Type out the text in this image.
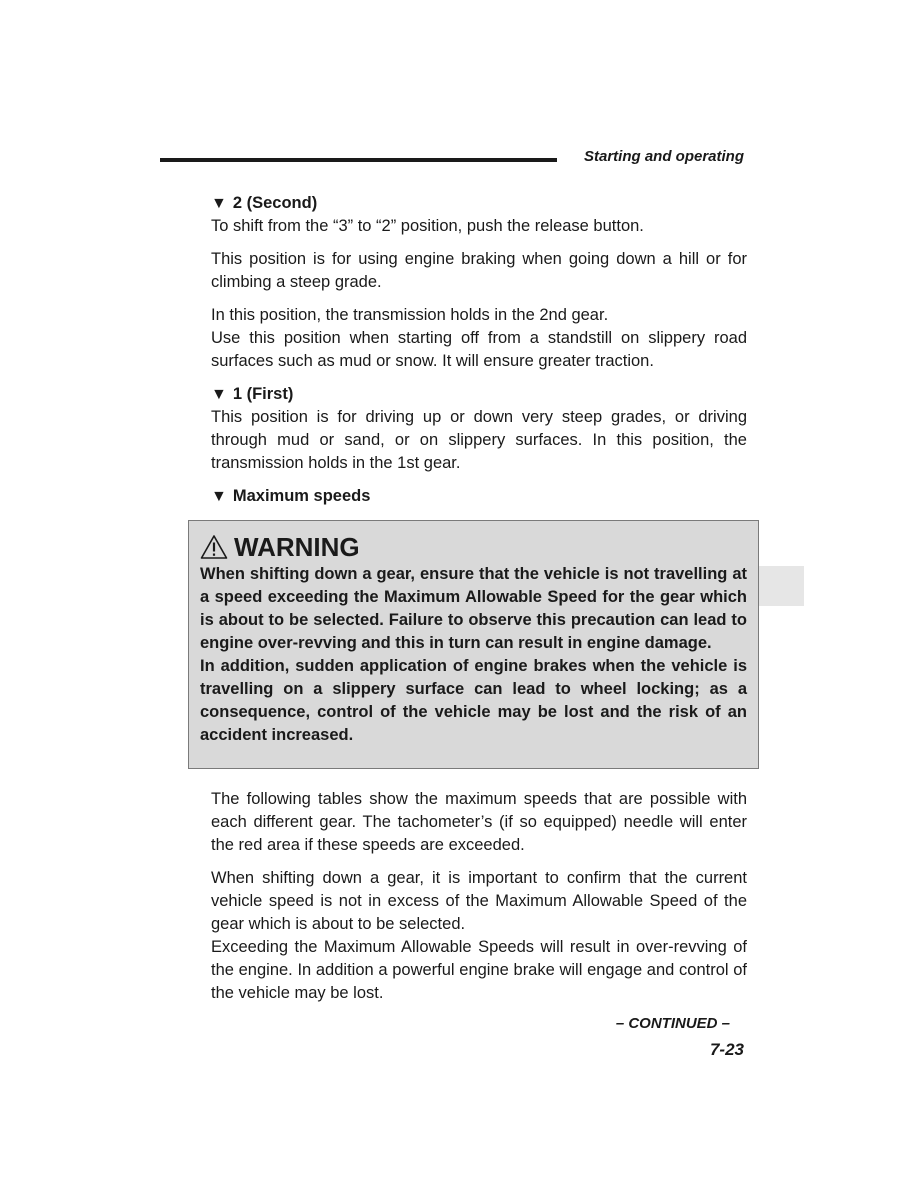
Starting and operating
▼ 2 (Second)

To shift from the “3” to “2” position, push the release button.

This position is for using engine braking when going down a hill or for climbing a steep grade.

In this position, the transmission holds in the 2nd gear.

Use this position when starting off from a standstill on slippery road surfaces such as mud or snow. It will ensure greater traction.

▼ 1 (First)

This position is for driving up or down very steep grades, or driving through mud or sand, or on slippery surfaces. In this position, the transmission holds in the 1st gear.

▼ Maximum speeds
WARNING

When shifting down a gear, ensure that the vehicle is not travelling at a speed exceeding the Maximum Allowable Speed for the gear which is about to be selected. Failure to observe this precaution can lead to engine over-revving and this in turn can result in engine damage.

In addition, sudden application of engine brakes when the vehicle is travelling on a slippery surface can lead to wheel locking; as a consequence, control of the vehicle may be lost and the risk of an accident increased.

The following tables show the maximum speeds that are possible with each different gear. The tachometer’s (if so equipped) needle will enter the red area if these speeds are exceeded.

When shifting down a gear, it is important to confirm that the current vehicle speed is not in excess of the Maximum Allowable Speed of the gear which is about to be selected.

Exceeding the Maximum Allowable Speeds will result in over-revving of the engine. In addition a powerful engine brake will engage and control of the vehicle may be lost.

– CONTINUED –
7-23
